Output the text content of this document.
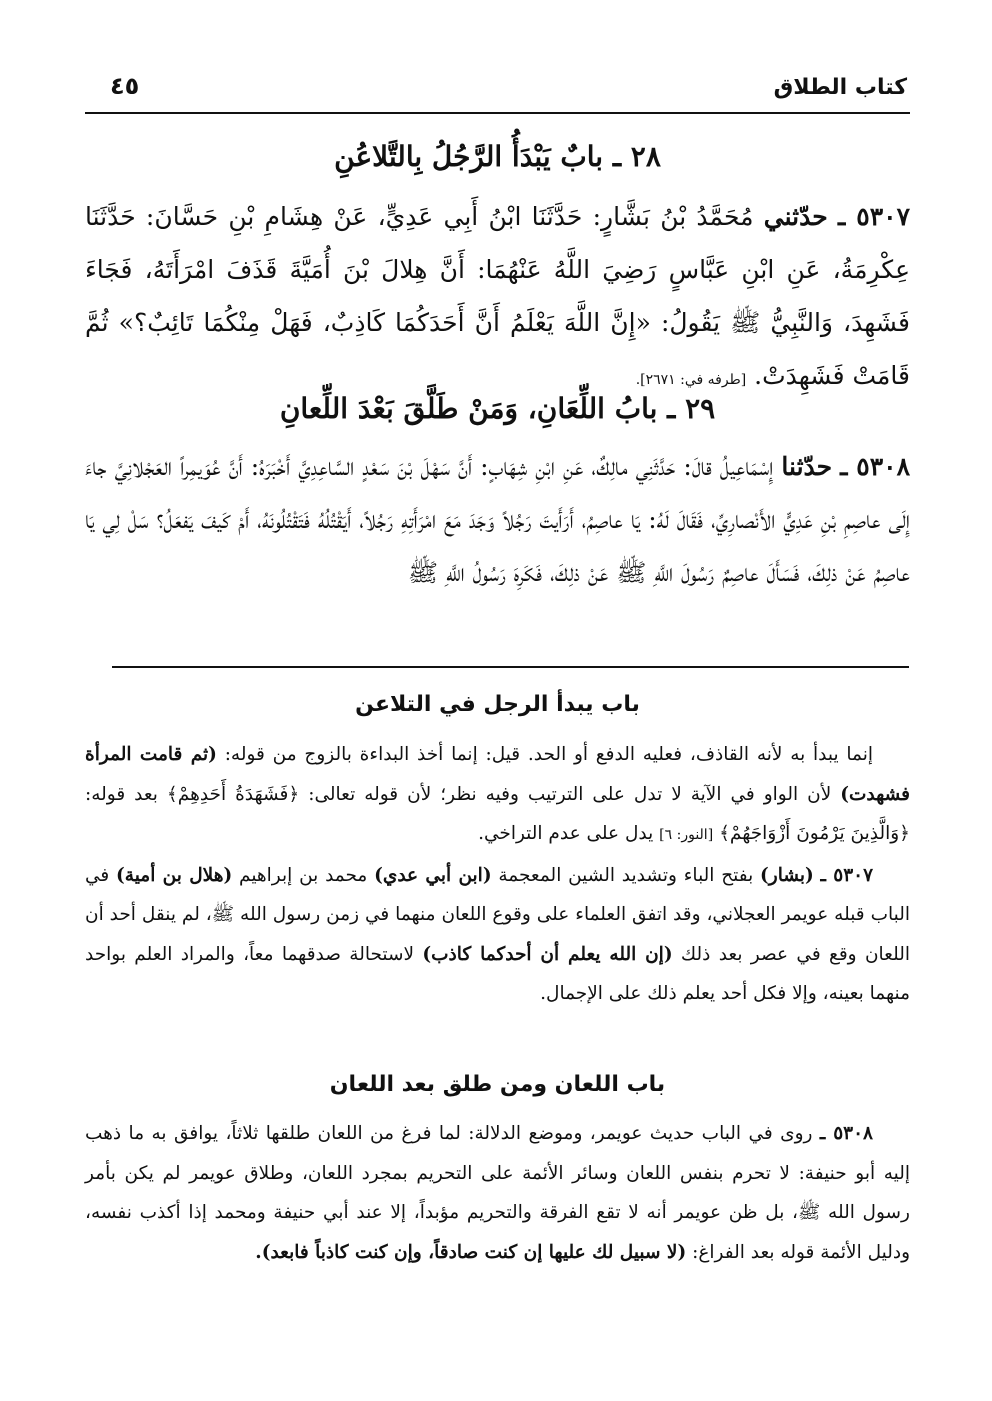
كتاب الطلاق
٤٥
٢٨ ـ بابٌ يَبْدَأُ الرَّجُلُ بِالتَّلاعُنِ
٥٣٠٧ ـ حدّثني مُحَمَّدُ بْنُ بَشَّارٍ: حَدَّثَنَا ابْنُ أَبِي عَدِيٍّ، عَنْ هِشَامِ بْنِ حَسَّانَ: حَدَّثَنَا عِكْرِمَةُ، عَنِ ابْنِ عَبَّاسٍ رَضِيَ اللَّهُ عَنْهُمَا: أَنَّ هِلالَ بْنَ أُمَيَّةَ قَذَفَ امْرَأَتَهُ، فَجَاءَ فَشَهِدَ، وَالنَّبِيُّ ﷺ يَقُولُ: «إِنَّ اللَّهَ يَعْلَمُ أَنَّ أَحَدَكُمَا كَاذِبٌ، فَهَلْ مِنْكُمَا تَائِبٌ؟» ثُمَّ قَامَتْ فَشَهِدَتْ. [طرفه في: ٢٦٧١].
٢٩ ـ بابُ اللِّعَانِ، وَمَنْ طَلَّقَ بَعْدَ اللِّعانِ
٥٣٠٨ ـ حدّثنا إِسْمَاعِيلُ قالَ: حَدَّثَنِي مالِكٌ، عَنِ ابْنِ شِهَابٍ: أَنَّ سَهْلَ بْنَ سَعْدٍ السَّاعِدِيَّ أَخْبَرَهُ: أَنَّ عُوَيمِراً العَجْلانِيَّ جاءَ إِلَى عاصِمِ بْنِ عَدِيٍّ الأَنْصارِيِّ، فَقَالَ لَهُ: يَا عاصِمُ، أَرَأَيتَ رَجُلاً وَجَدَ مَعَ امْرَأَتِهِ رَجُلاً، أَيَقْتُلُهُ فَتَقْتُلُونَهُ، أَمْ كَيفَ يَفعَلُ؟ سَلْ لِي يَا عاصِمُ عَنْ ذلِكَ، فَسَأَلَ عاصِمٌ رَسُولَ اللَّهِ ﷺ عَنْ ذلِكَ، فَكَرِهَ رَسُولُ اللَّهِ ﷺ
باب يبدأ الرجل في التلاعن

إنما يبدأ به لأنه القاذف، فعليه الدفع أو الحد. قيل: إنما أخذ البداءة بالزوج من قوله: (ثم قامت المرأة فشهدت) لأن الواو في الآية لا تدل على الترتيب وفيه نظر؛ لأن قوله تعالى: ﴿فَشَهَدَةُ أَحَدِهِمْ﴾ بعد قوله: ﴿وَالَّذِينَ يَرْمُونَ أَزْوَاجَهُمْ﴾ [النور: ٦] يدل على عدم التراخي.

٥٣٠٧ ـ (بشار) بفتح الباء وتشديد الشين المعجمة (ابن أبي عدي) محمد بن إبراهيم (هلال بن أمية) في الباب قبله عويمر العجلاني، وقد اتفق العلماء على وقوع اللعان منهما في زمن رسول الله ﷺ، لم ينقل أحد أن اللعان وقع في عصر بعد ذلك (إن الله يعلم أن أحدكما كاذب) لاستحالة صدقهما معاً، والمراد العلم بواحد منهما بعينه، وإلا فكل أحد يعلم ذلك على الإجمال.

باب اللعان ومن طلق بعد اللعان

٥٣٠٨ ـ روى في الباب حديث عويمر، وموضع الدلالة: لما فرغ من اللعان طلقها ثلاثاً، يوافق به ما ذهب إليه أبو حنيفة: لا تحرم بنفس اللعان وسائر الأئمة على التحريم بمجرد اللعان، وطلاق عويمر لم يكن بأمر رسول الله ﷺ، بل ظن عويمر أنه لا تقع الفرقة والتحريم مؤبداً، إلا عند أبي حنيفة ومحمد إذا أكذب نفسه، ودليل الأئمة قوله بعد الفراغ: (لا سبيل لك عليها إن كنت صادقاً، وإن كنت كاذباً فابعد).
